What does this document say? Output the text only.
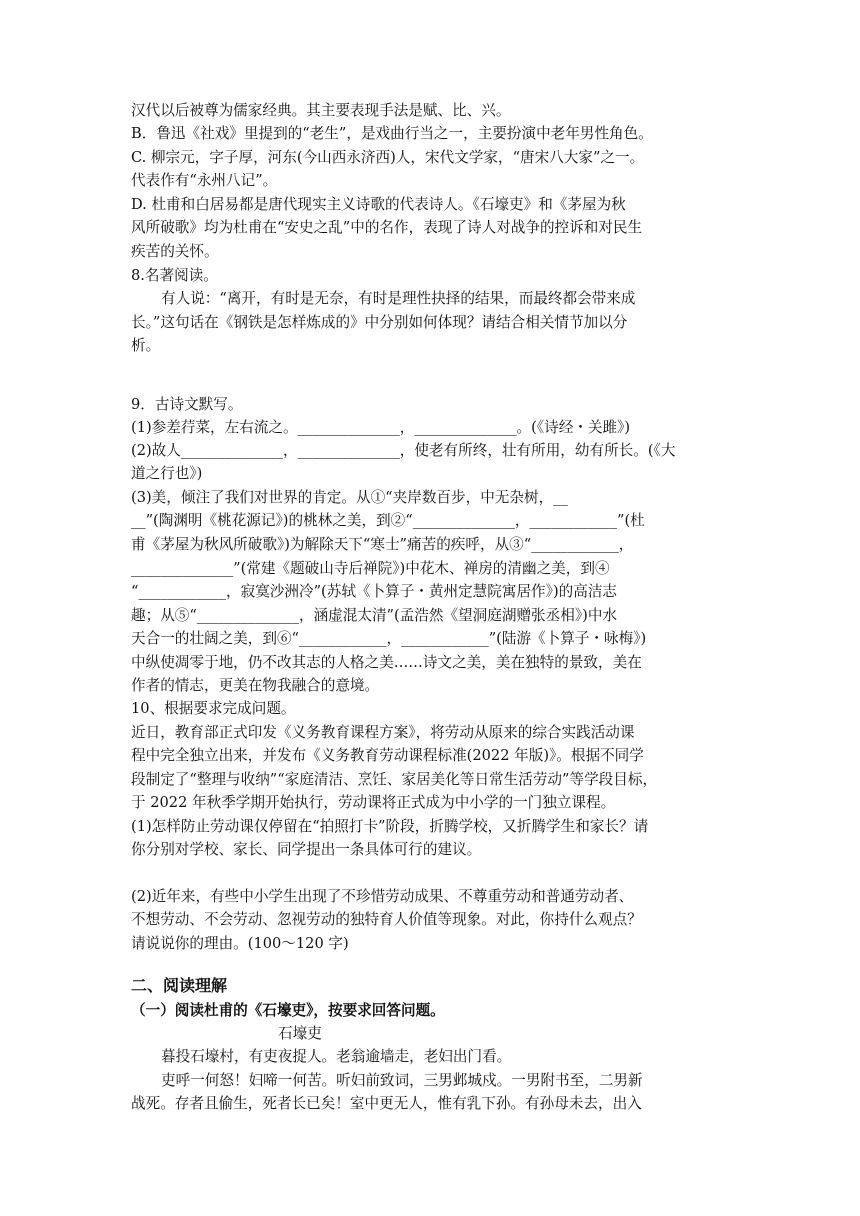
汉代以后被尊为儒家经典。其主要表现手法是赋、比、兴。
B．鲁迅《社戏》里提到的“老生”，是戏曲行当之一，主要扮演中老年男性角色。
C. 柳宗元，字子厚，河东(今山西永济西)人，宋代文学家，“唐宋八大家”之一。
代表作有“永州八记”。
D. 杜甫和白居易都是唐代现实主义诗歌的代表诗人。《石壕吏》和《茅屋为秋
风所破歌》均为杜甫在“安史之乱”中的名作，表现了诗人对战争的控诉和对民生
疾苦的关怀。
8.名著阅读。
有人说：“离开，有时是无奈，有时是理性抉择的结果，而最终都会带来成
长。”这句话在《钢铁是怎样炼成的》中分别如何体现？请结合相关情节加以分
析。
9．古诗文默写。
(1)参差荇菜，左右流之。______________，______________。(《诗经・关雎》)
(2)故人______________，______________，使老有所终，壮有所用，幼有所长。(《大
道之行也》)
(3)美，倾注了我们对世界的肯定。从①“夹岸数百步，中无杂树，__
__”(陶渊明《桃花源记》)的桃林之美，到②“______________，____________”(杜
甫《茅屋为秋风所破歌》)为解除天下“寒士”痛苦的疾呼，从③“____________，
______________”(常建《题破山寺后禅院》)中花木、禅房的清幽之美，到④
“____________，寂寞沙洲冷”(苏轼《卜算子・黄州定慧院寓居作》)的高洁志
趣；从⑤“______________，涵虚混太清”(孟浩然《望洞庭湖赠张丞相》)中水
天合一的壮阔之美，到⑥“____________，____________”(陆游《卜算子・咏梅》)
中纵使凋零于地，仍不改其志的人格之美……诗文之美，美在独特的景致，美在
作者的情志，更美在物我融合的意境。
10、根据要求完成问题。
近日，教育部正式印发《义务教育课程方案》，将劳动从原来的综合实践活动课
程中完全独立出来，并发布《义务教育劳动课程标准(2022 年版)》。根据不同学
段制定了“整理与收纳”“家庭清洁、烹饪、家居美化等日常生活劳动”等学段目标，
于 2022 年秋季学期开始执行，劳动课将正式成为中小学的一门独立课程。
(1)怎样防止劳动课仅停留在“拍照打卡”阶段，折腾学校，又折腾学生和家长？请
你分别对学校、家长、同学提出一条具体可行的建议。
(2)近年来，有些中小学生出现了不珍惜劳动成果、不尊重劳动和普通劳动者、
不想劳动、不会劳动、忽视劳动的独特育人价值等现象。对此，你持什么观点？
请说说你的理由。(100～120 字)
二、阅读理解
（一）阅读杜甫的《石壕吏》，按要求回答问题。
石壕吏
暮投石壕村，有吏夜捉人。老翁逾墙走，老妇出门看。
吏呼一何怒！妇啼一何苦。听妇前致词，三男邺城戍。一男附书至，二男新
战死。存者且偷生，死者长已矣！室中更无人，惟有乳下孙。有孙母未去，出入
